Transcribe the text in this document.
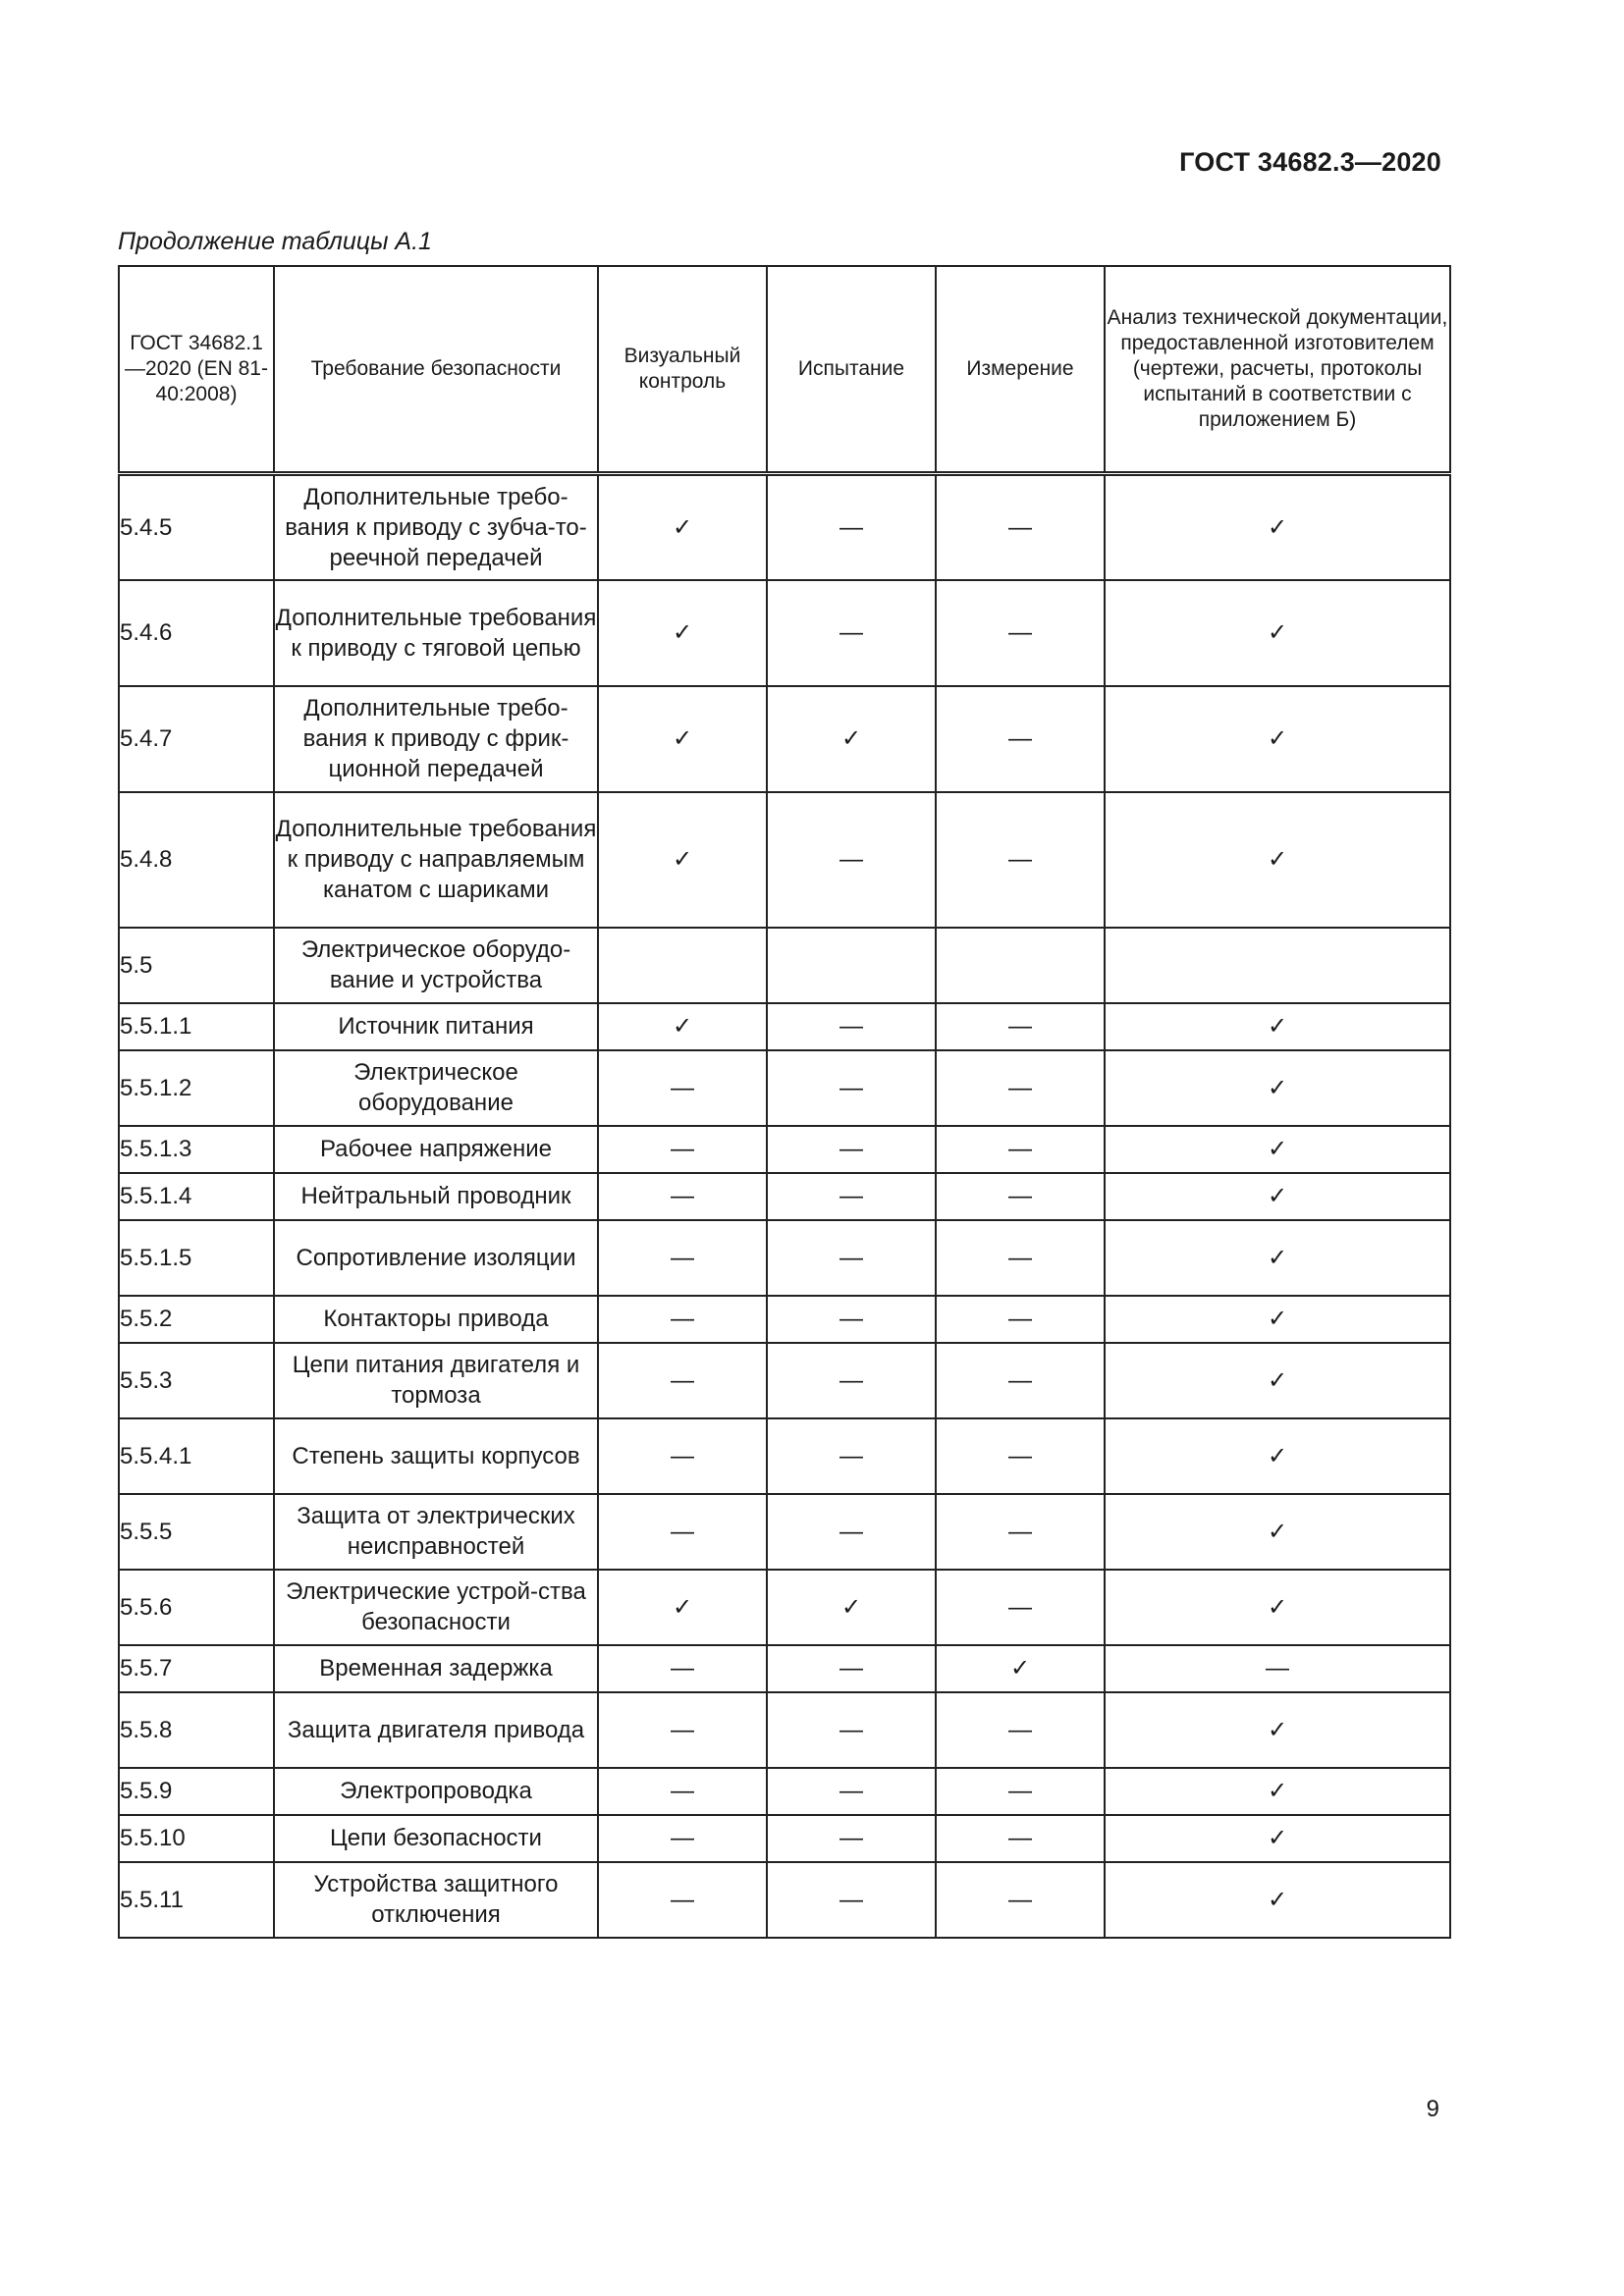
ГОСТ 34682.3—2020
Продолжение таблицы А.1
ГОСТ 34682.1—2020 (EN 81-40:2008)	Требование безопасности	Визуальный контроль	Испытание	Измерение	Анализ технической документации, предоставленной изготовителем (чертежи, расчеты, протоколы испытаний в соответствии с приложением Б)
5.4.5	Дополнительные требо-вания к приводу с зубча-то-реечной передачей	✓	—	—	✓
5.4.6	Дополнительные требования к приводу с тяговой цепью	✓	—	—	✓
5.4.7	Дополнительные требо-вания к приводу с фрик-ционной передачей	✓	✓	—	✓
5.4.8	Дополнительные требования к приводу с направляемым канатом с шариками	✓	—	—	✓
5.5	Электрическое оборудо-вание и устройства				
5.5.1.1	Источник питания	✓	—	—	✓
5.5.1.2	Электрическое оборудование	—	—	—	✓
5.5.1.3	Рабочее напряжение	—	—	—	✓
5.5.1.4	Нейтральный проводник	—	—	—	✓
5.5.1.5	Сопротивление изоляции	—	—	—	✓
5.5.2	Контакторы привода	—	—	—	✓
5.5.3	Цепи питания двигателя и тормоза	—	—	—	✓
5.5.4.1	Степень защиты корпусов	—	—	—	✓
5.5.5	Защита от электрических неисправностей	—	—	—	✓
5.5.6	Электрические устрой-ства безопасности	✓	✓	—	✓
5.5.7	Временная задержка	—	—	✓	—
5.5.8	Защита двигателя привода	—	—	—	✓
5.5.9	Электропроводка	—	—	—	✓
5.5.10	Цепи безопасности	—	—	—	✓
5.5.11	Устройства защитного отключения	—	—	—	✓
9
